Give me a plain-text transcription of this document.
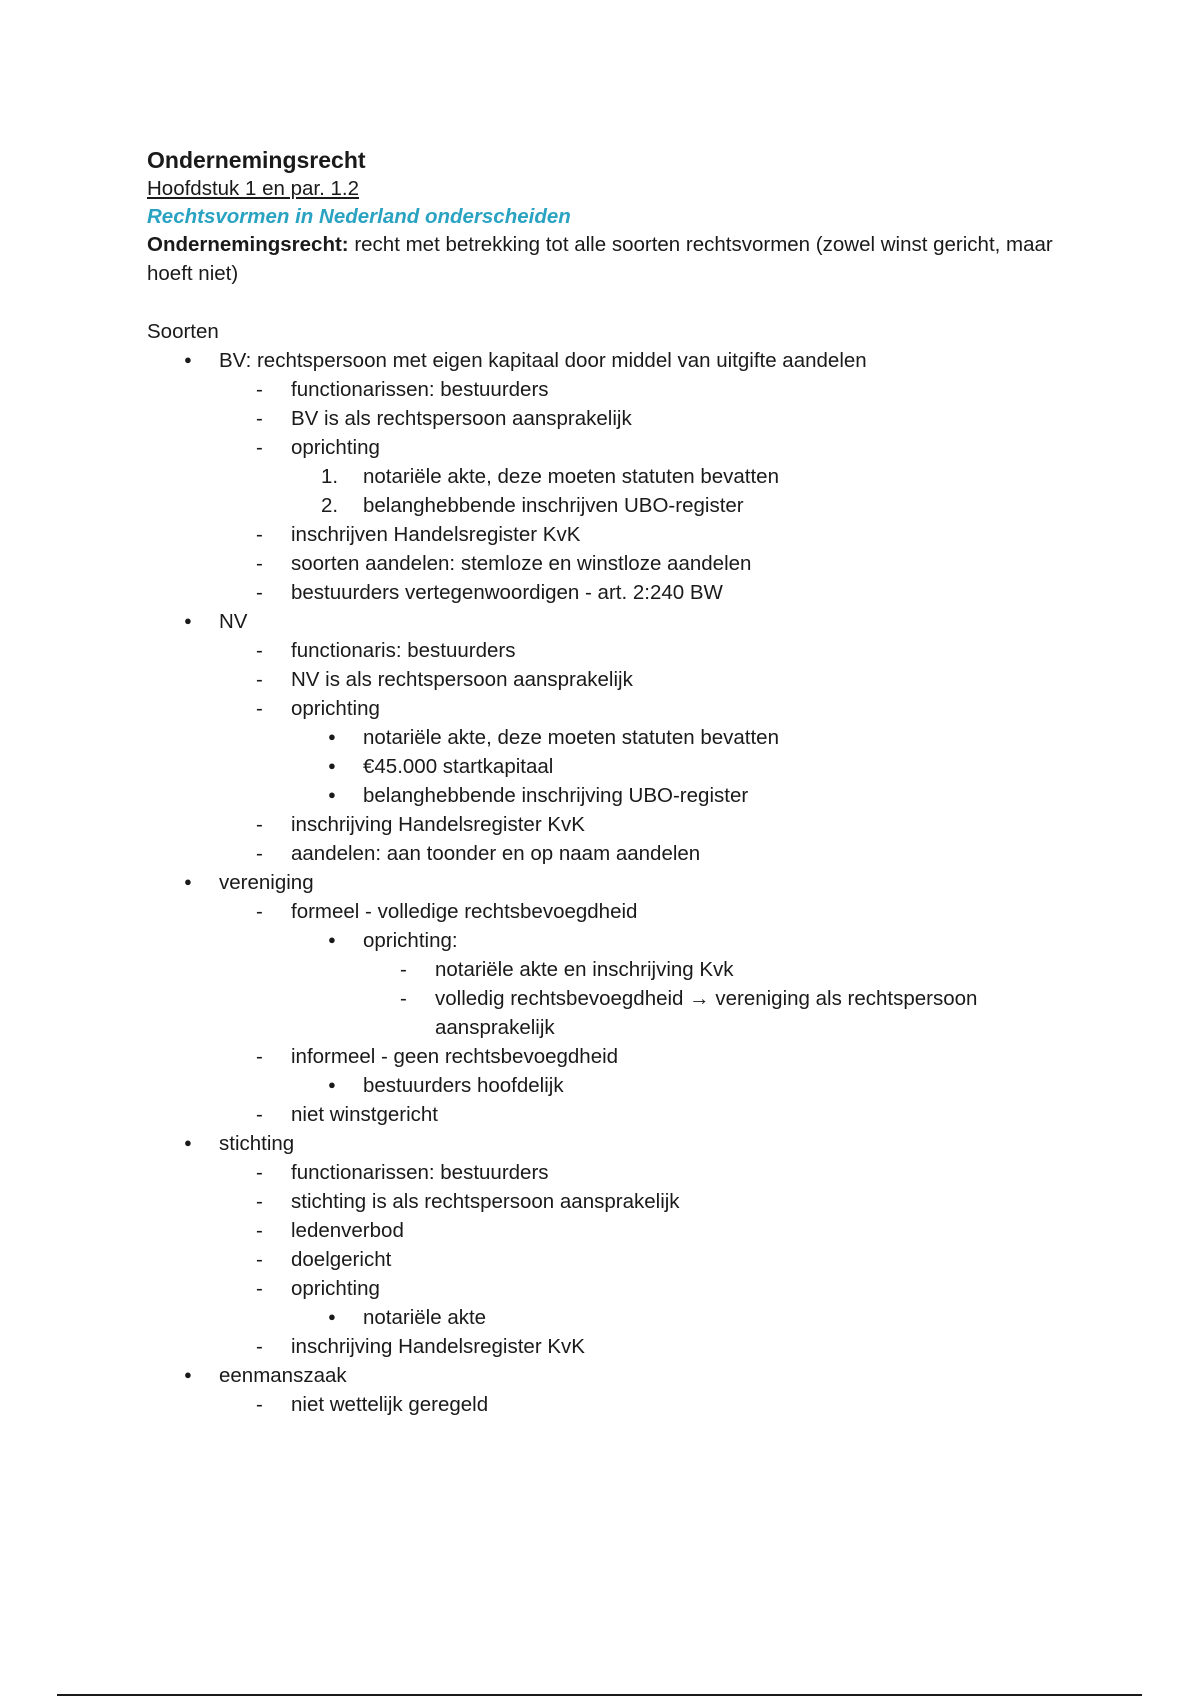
Ondernemingsrecht
Hoofdstuk 1 en par. 1.2
Rechtsvormen in Nederland onderscheiden

Ondernemingsrecht: recht met betrekking tot alle soorten rechtsvormen (zowel winst gericht, maar hoeft niet)

Soorten
●
BV: rechtspersoon met eigen kapitaal door middel van uitgifte aandelen
-
functionarissen: bestuurders
-
BV is als rechtspersoon aansprakelijk
-
oprichting
1. notariële akte, deze moeten statuten bevatten
2. belanghebbende inschrijven UBO-register
-
inschrijven Handelsregister KvK
-
soorten aandelen: stemloze en winstloze aandelen
-
bestuurders vertegenwoordigen - art. 2:240 BW
●
NV
-
functionaris: bestuurders
-
NV is als rechtspersoon aansprakelijk
-
oprichting
●
notariële akte, deze moeten statuten bevatten
●
€45.000 startkapitaal
●
belanghebbende inschrijving UBO-register
-
inschrijving Handelsregister KvK
-
aandelen: aan toonder en op naam aandelen
●
vereniging
-
formeel - volledige rechtsbevoegdheid
●
oprichting:
-
notariële akte en inschrijving Kvk
-
volledig rechtsbevoegdheid → vereniging als rechtspersoon aansprakelijk
-
informeel - geen rechtsbevoegdheid
●
bestuurders hoofdelijk
-
niet winstgericht
●
stichting
-
functionarissen: bestuurders
-
stichting is als rechtspersoon aansprakelijk
-
ledenverbod
-
doelgericht
-
oprichting
●
notariële akte
-
inschrijving Handelsregister KvK
●
eenmanszaak
-
niet wettelijk geregeld
